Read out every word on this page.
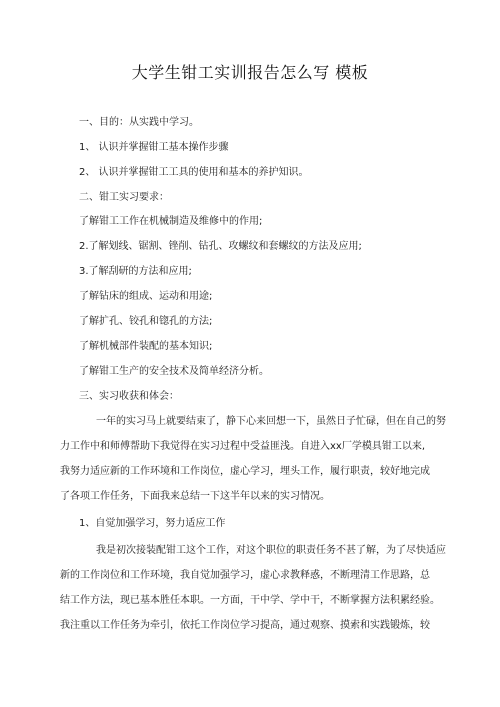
大学生钳工实训报告怎么写 模板
一、目的：从实践中学习。
1、 认识并掌握钳工基本操作步骤
2、 认识并掌握钳工工具的使用和基本的养护知识。
二、钳工实习要求：
了解钳工工作在机械制造及维修中的作用;
2.了解划线、锯割、锉削、钻孔、攻螺纹和套螺纹的方法及应用;
3.了解刮研的方法和应用;
了解钻床的组成、运动和用途;
了解扩孔、铰孔和锪孔的方法;
了解机械部件装配的基本知识;
了解钳工生产的安全技术及简单经济分析。
三、实习收获和体会：
一年的实习马上就要结束了，静下心来回想一下，虽然日子忙碌，但在自己的努
力工作中和师傅帮助下我觉得在实习过程中受益匪浅。自进入xx厂学模具钳工以来,
我努力适应新的工作环境和工作岗位，虚心学习，埋头工作，履行职责，较好地完成
了各项工作任务，下面我来总结一下这半年以来的实习情况。
1、自觉加强学习，努力适应工作
我是初次接装配钳工这个工作，对这个职位的职责任务不甚了解，为了尽快适应
新的工作岗位和工作环境，我自觉加强学习，虚心求教释惑，不断理清工作思路，总
结工作方法，现已基本胜任本职。一方面，干中学、学中干，不断掌握方法积累经验。
我注重以工作任务为牵引，依托工作岗位学习提高，通过观察、摸索和实践锻炼，较
